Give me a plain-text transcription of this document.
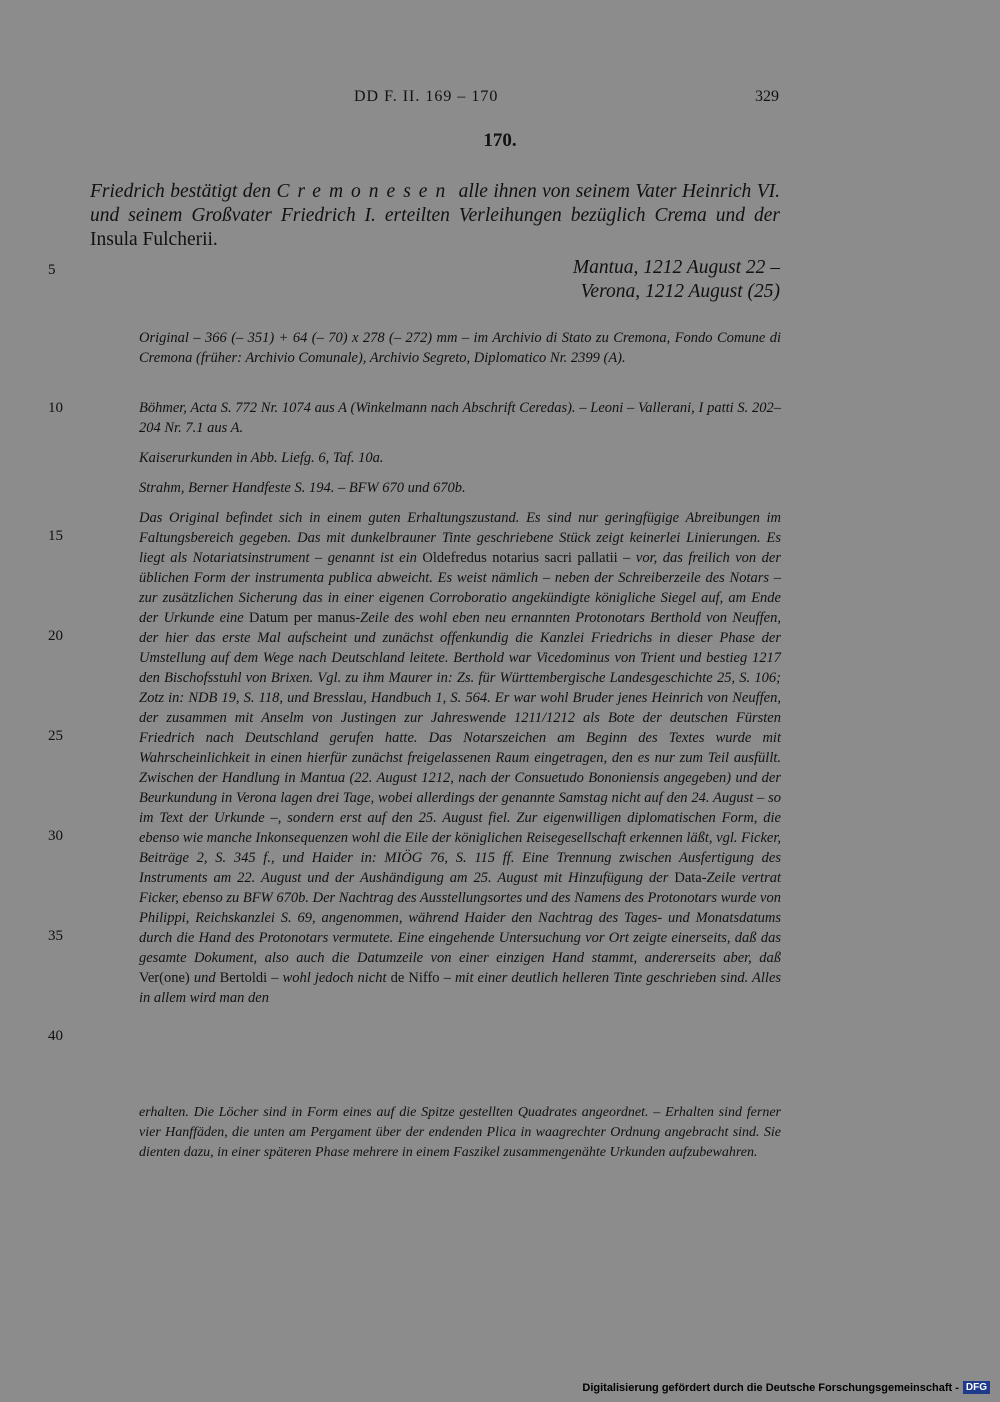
DD F. II. 169 – 170	329
170.
Friedrich bestätigt den Cremonesen alle ihnen von seinem Vater Heinrich VI. und seinem Großvater Friedrich I. erteilten Verleihungen bezüglich Crema und der Insula Fulcherii.
Mantua, 1212 August 22 –
Verona, 1212 August (25)
5
10
15
20
25
30
35
40
Original – 366 (– 351) + 64 (– 70) x 278 (– 272) mm – im Archivio di Stato zu Cremona, Fondo Comune di Cremona (früher: Archivio Comunale), Archivio Segreto, Diplomatico Nr. 2399 (A).
Böhmer, Acta S. 772 Nr. 1074 aus A (Winkelmann nach Abschrift Ceredas). – Leoni – Vallerani, I patti S. 202–204 Nr. 7.1 aus A.
Kaiserurkunden in Abb. Liefg. 6, Taf. 10a.
Strahm, Berner Handfeste S. 194. – BFW 670 und 670b.

Das Original befindet sich in einem guten Erhaltungszustand. Es sind nur geringfügige Abreibungen im Faltungsbereich gegeben. Das mit dunkelbrauner Tinte geschriebene Stück zeigt keinerlei Linierungen. Es liegt als Notariatsinstrument – genannt ist ein Oldefredus notarius sacri pallatii – vor, das freilich von der üblichen Form der instrumenta publica abweicht. Es weist nämlich – neben der Schreiberzeile des Notars – zur zusätzlichen Sicherung das in einer eigenen Corroboratio angekündigte königliche Siegel auf, am Ende der Urkunde eine Datum per manus-Zeile des wohl eben neu ernannten Protonotars Berthold von Neuffen, der hier das erste Mal aufscheint und zunächst offenkundig die Kanzlei Friedrichs in dieser Phase der Umstellung auf dem Wege nach Deutschland leitete. Berthold war Vicedominus von Trient und bestieg 1217 den Bischofsstuhl von Brixen. Vgl. zu ihm Maurer in: Zs. für Württembergische Landesgeschichte 25, S. 106; Zotz in: NDB 19, S. 118, und Bresslau, Handbuch 1, S. 564. Er war wohl Bruder jenes Heinrich von Neuffen, der zusammen mit Anselm von Justingen zur Jahreswende 1211/1212 als Bote der deutschen Fürsten Friedrich nach Deutschland gerufen hatte. Das Notarszeichen am Beginn des Textes wurde mit Wahrscheinlichkeit in einen hierfür zunächst freigelassenen Raum eingetragen, den es nur zum Teil ausfüllt. Zwischen der Handlung in Mantua (22. August 1212, nach der Consuetudo Bononiensis angegeben) und der Beurkundung in Verona lagen drei Tage, wobei allerdings der genannte Samstag nicht auf den 24. August – so im Text der Urkunde –, sondern erst auf den 25. August fiel. Zur eigenwilligen diplomatischen Form, die ebenso wie manche Inkonsequenzen wohl die Eile der königlichen Reisegesellschaft erkennen läßt, vgl. Ficker, Beiträge 2, S. 345 f., und Haider in: MIÖG 76, S. 115 ff. Eine Trennung zwischen Ausfertigung des Instruments am 22. August und der Aushändigung am 25. August mit Hinzufügung der Data-Zeile vertrat Ficker, ebenso zu BFW 670b. Der Nachtrag des Ausstellungsortes und des Namens des Protonotars wurde von Philippi, Reichskanzlei S. 69, angenommen, während Haider den Nachtrag des Tages- und Monatsdatums durch die Hand des Protonotars vermutete. Eine eingehende Untersuchung vor Ort zeigte einerseits, daß das gesamte Dokument, also auch die Datumzeile von einer einzigen Hand stammt, andererseits aber, daß Ver(one) und Bertoldi – wohl jedoch nicht de Niffo – mit einer deutlich helleren Tinte geschrieben sind. Alles in allem wird man den

erhalten. Die Löcher sind in Form eines auf die Spitze gestellten Quadrates angeordnet. – Erhalten sind ferner vier Hanffäden, die unten am Pergament über der endenden Plica in waagrechter Ordnung angebracht sind. Sie dienten dazu, in einer späteren Phase mehrere in einem Faszikel zusammengenähte Urkunden aufzubewahren.
Digitalisierung gefördert durch die Deutsche Forschungsgemeinschaft - DFG
